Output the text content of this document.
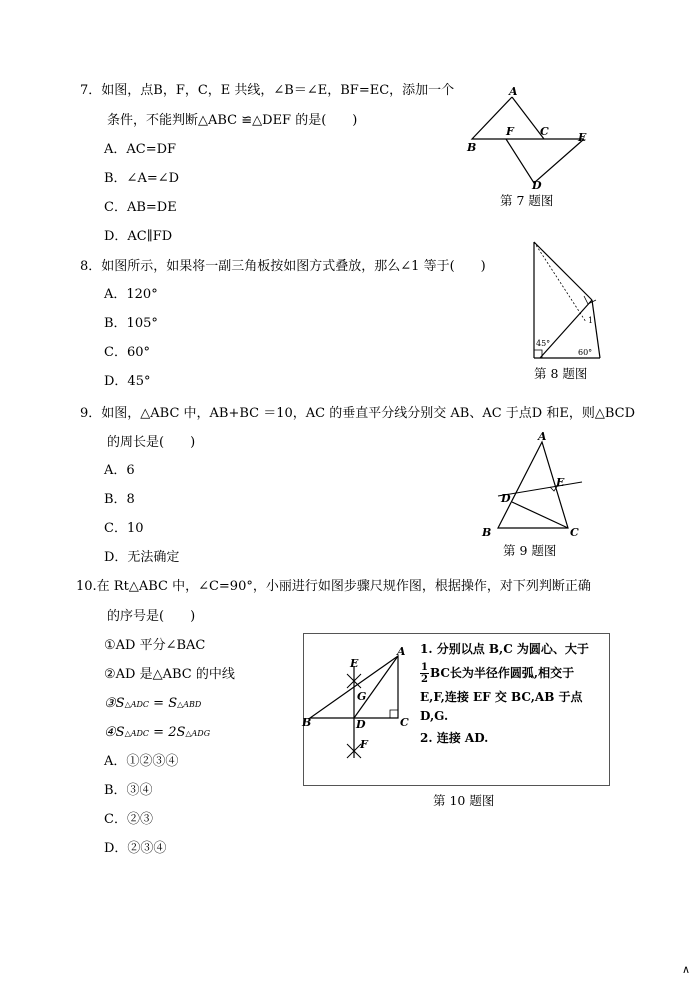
7．如图，点B，F，C，E 共线，∠B＝∠E，BF=EC，添加一个
条件，不能判断△ABC ≌△DEF 的是(　　)
A．AC=DF
B．∠A=∠D
C．AB=DE
D．AC∥FD
A
B
F C	E
D
第 7 题图
8．如图所示，如果将一副三角板按如图方式叠放，那么∠1 等于(　　)
A．120°
B．105°
C．60°
D．45°
45°
60°
1
第 8 题图
9．如图，△ABC 中，AB+BC ＝10，AC 的垂直平分线分别交 AB、AC 于点D 和E，则△BCD
的周长是(　　)
A．6
B．8
C．10
D．无法确定
A
B	C
D
E
第 9 题图
10.在 Rt△ABC 中，∠C=90°，小丽进行如图步骤尺规作图，根据操作，对下列判断正确
的序号是(　　)
①AD 平分∠BAC
②AD 是△ABC 的中线
③S△ADC = S△ABD
④S△ADC = 2S△ADG
A．①②③④
B．③④
C．②③
D．②③④
E
A
G
B	D	C
F
1. 分别以点 B,C 为圆心、大于
$\frac{1}{2}$ BC长为半径作圆弧,相交于
E,F,连接 EF 交 BC,AB 于点
D,G.
2. 连接 AD.
第 10 题图
∧
